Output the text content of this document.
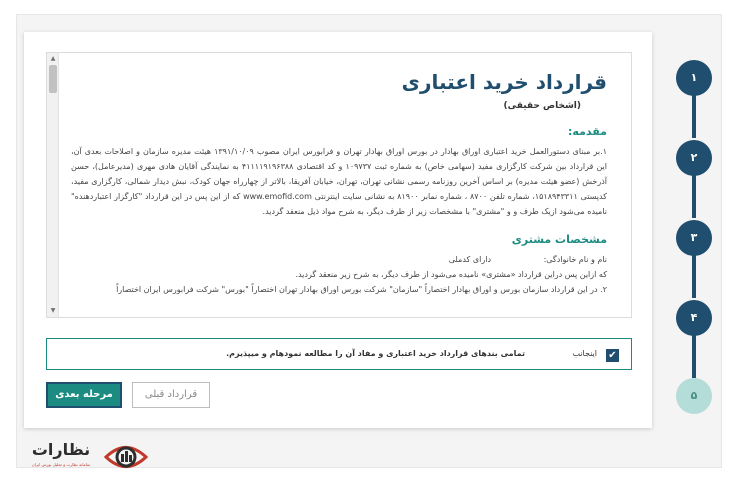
▲
▼
قرارداد خرید اعتباری
(اشخاص حقیقی)
مقدمه:
۱.بر مبنای دستورالعمل خرید اعتباری اوراق بهادار در بورس اوراق بهادار تهران و فرابورس ایران مصوب ۱۳۹۱/۱۰/۰۹ هیئت مدیره سازمان و اصلاحات بعدی آن، این قرارداد بین شرکت کارگزاری مفید (سهامی خاص) به شماره ثبت ۱۰۹۷۳۷ و کد اقتصادی ۴۱۱۱۱۹۱۹۶۳۸۸ به نمایندگی آقایان هادی مهری (مدیرعامل)، حسن آذرخش (عضو هیئت مدیره) بر اساس آخرین روزنامه رسمی نشانی تهران، تهران، خیابان آفریقا، بالاتر از چهارراه جهان کودک، نبش دیدار شمالی، کارگزاری مفید، کدپستی ۱۵۱۸۹۴۳۳۱۱، شماره تلفن ۸۷۰۰ ، شماره نمابر ۸۱۹۰۰ به نشانی سایت اینترنتی www.emofid.com که از این پس در این قرارداد "کارگزار اعتباردهنده" نامیده می‌شود ازیک طرف و و "مشتری" با مشخصات زیر از طرف دیگر، به شرح مواد ذیل منعقد گردید.
مشخصات مشتری
نام و نام خانوادگی: دارای کدملی
که ازاین پس دراین قرارداد «مشتری» نامیده می‌شود از طرف دیگر، به شرح زیر منعقد گردید.
۲. در این قرارداد سازمان بورس و اوراق بهادار اختصاراً "سازمان" شرکت بورس اوراق بهادار تهران اختصاراً "بورس" شرکت فرابورس ایران اختصاراً
✔
اینجانب
تمامی بندهای قرارداد خرید اعتباری و مفاد آن را مطالعه نمودهام و میپذیرم.
مرحله بعدی	قرارداد قبلی
۱
۲
۳
۴
۵
نظارات
سامانه نظارت و تحلیل بورس ایران
